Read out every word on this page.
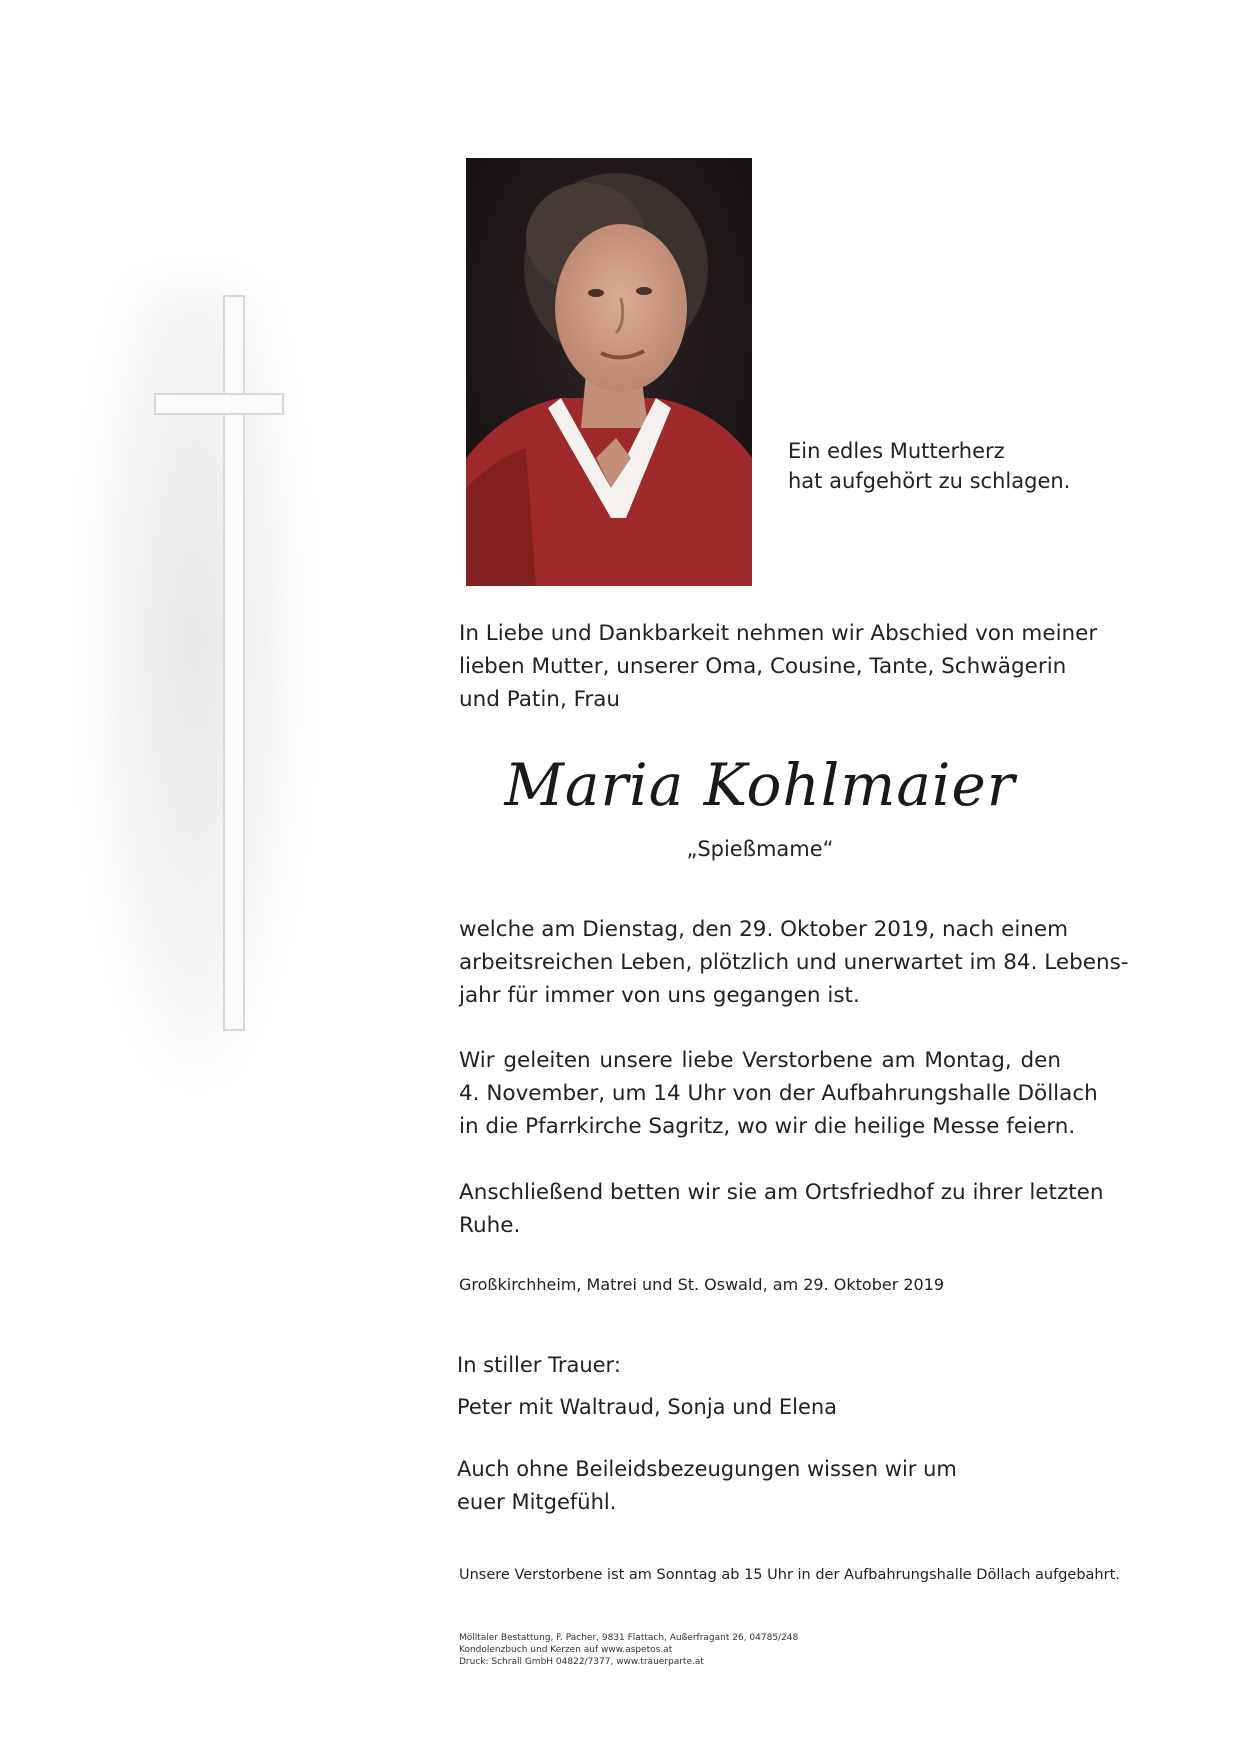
Ein edles Mutterherz
hat aufgehört zu schlagen.
In Liebe und Dankbarkeit nehmen wir Abschied von meiner
lieben Mutter, unserer Oma, Cousine, Tante, Schwägerin
und Patin, Frau
Maria Kohlmaier
„Spießmame“
welche am Dienstag, den 29. Oktober 2019, nach einem
arbeitsreichen Leben, plötzlich und unerwartet im 84. Lebens-
jahr für immer von uns gegangen ist.
Wir geleiten unsere liebe Verstorbene am Montag, den
4. November, um 14 Uhr von der Aufbahrungshalle Döllach
in die Pfarrkirche Sagritz, wo wir die heilige Messe feiern.
Anschließend betten wir sie am Ortsfriedhof zu ihrer letzten
Ruhe.
Großkirchheim, Matrei und St. Oswald, am 29. Oktober 2019
In stiller Trauer:
Peter mit Waltraud, Sonja und Elena
Auch ohne Beileidsbezeugungen wissen wir um
euer Mitgefühl.
Unsere Verstorbene ist am Sonntag ab 15 Uhr in der Aufbahrungshalle Döllach aufgebahrt.
Mölltaler Bestattung, F. Pacher, 9831 Flattach, Außerfragant 26, 04785/248
Kondolenzbuch und Kerzen auf www.aspetos.at
Druck: Schrall GmbH 04822/7377, www.trauerparte.at
